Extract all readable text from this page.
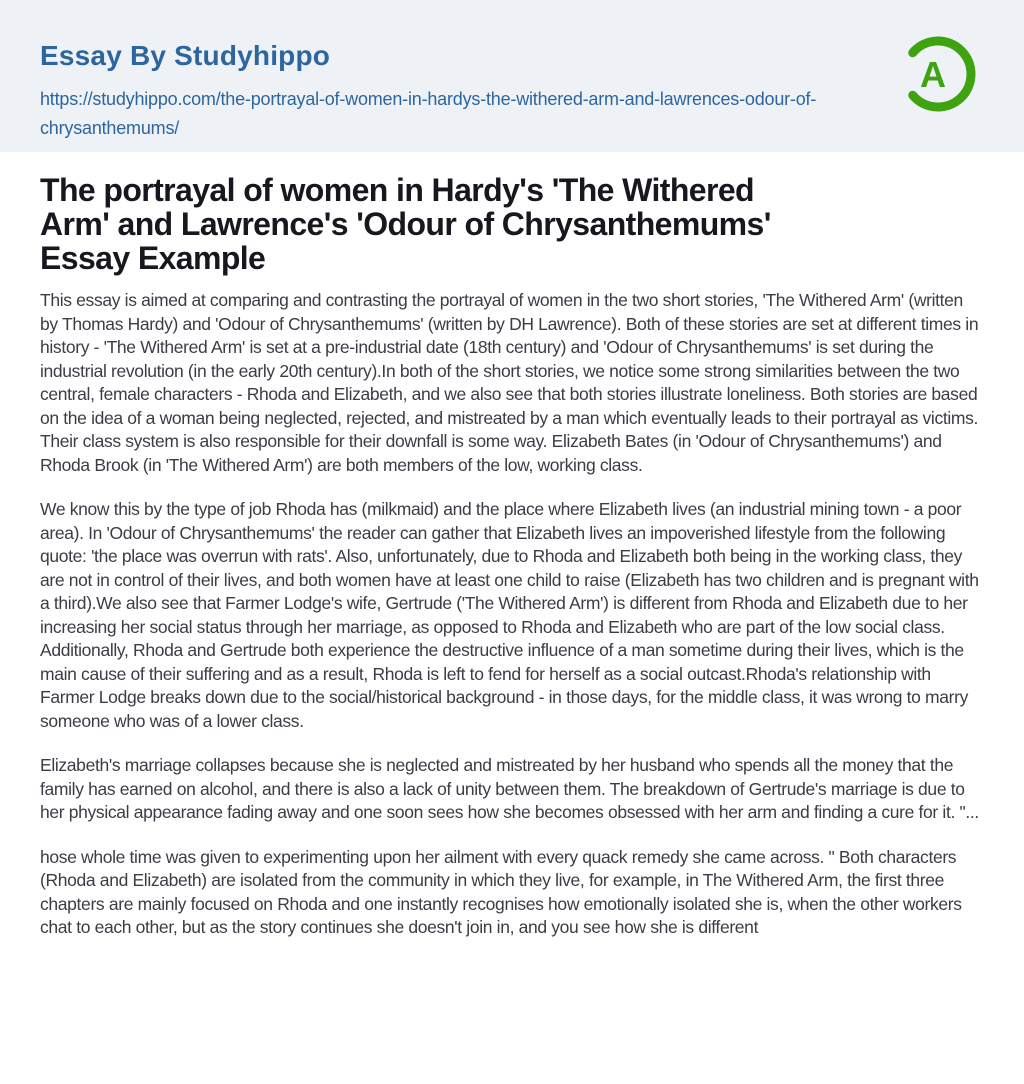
Essay By Studyhippo
https://studyhippo.com/the-portrayal-of-women-in-hardys-the-withered-arm-and-lawrences-odour-of-chrysanthemums/
A
The portrayal of women in Hardy's 'The Withered
Arm' and Lawrence's 'Odour of Chrysanthemums'
Essay Example

This essay is aimed at comparing and contrasting the portrayal of women in the two short stories, 'The Withered Arm' (written by Thomas Hardy) and 'Odour of Chrysanthemums' (written by DH Lawrence). Both of these stories are set at different times in history - 'The Withered Arm' is set at a pre-industrial date (18th century) and 'Odour of Chrysanthemums' is set during the industrial revolution (in the early 20th century).In both of the short stories, we notice some strong similarities between the two central, female characters - Rhoda and Elizabeth, and we also see that both stories illustrate loneliness. Both stories are based on the idea of a woman being neglected, rejected, and mistreated by a man which eventually leads to their portrayal as victims. Their class system is also responsible for their downfall is some way. Elizabeth Bates (in 'Odour of Chrysanthemums') and Rhoda Brook (in 'The Withered Arm') are both members of the low, working class.

We know this by the type of job Rhoda has (milkmaid) and the place where Elizabeth lives (an industrial mining town - a poor area). In 'Odour of Chrysanthemums' the reader can gather that Elizabeth lives an impoverished lifestyle from the following quote: 'the place was overrun with rats'. Also, unfortunately, due to Rhoda and Elizabeth both being in the working class, they are not in control of their lives, and both women have at least one child to raise (Elizabeth has two children and is pregnant with a third).We also see that Farmer Lodge's wife, Gertrude ('The Withered Arm') is different from Rhoda and Elizabeth due to her increasing her social status through her marriage, as opposed to Rhoda and Elizabeth who are part of the low social class. Additionally, Rhoda and Gertrude both experience the destructive influence of a man sometime during their lives, which is the main cause of their suffering and as a result, Rhoda is left to fend for herself as a social outcast.Rhoda's relationship with Farmer Lodge breaks down due to the social/historical background - in those days, for the middle class, it was wrong to marry someone who was of a lower class.

Elizabeth's marriage collapses because she is neglected and mistreated by her husband who spends all the money that the family has earned on alcohol, and there is also a lack of unity between them. The breakdown of Gertrude's marriage is due to her physical appearance fading away and one soon sees how she becomes obsessed with her arm and finding a cure for it. "...

hose whole time was given to experimenting upon her ailment with every quack remedy she came across. " Both characters (Rhoda and Elizabeth) are isolated from the community in which they live, for example, in The Withered Arm, the first three chapters are mainly focused on Rhoda and one instantly recognises how emotionally isolated she is, when the other workers chat to each other, but as the story continues she doesn't join in, and you see how she is different
